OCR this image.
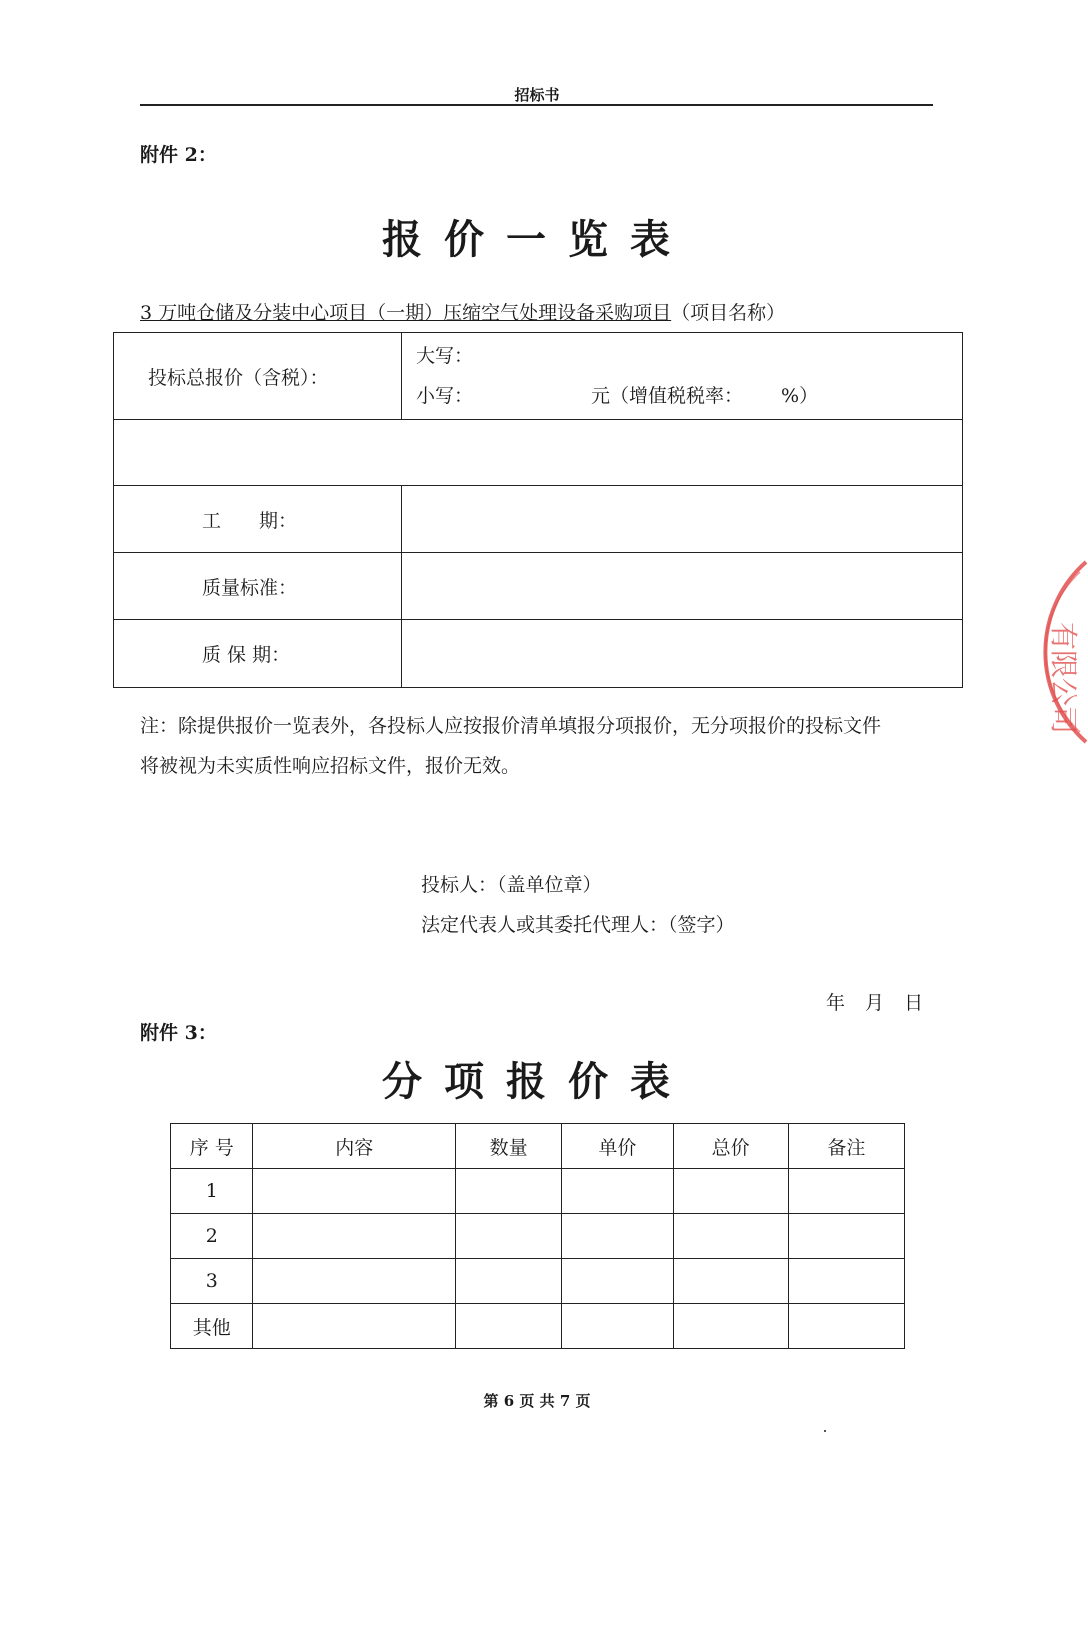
招标书
附件 2：
报价一览表
3 万吨仓储及分装中心项目（一期）压缩空气处理设备采购项目（项目名称）
投标总报价（含税）：	大写：
小写： 元（增值税税率： %）

工　　期：	

质量标准：	

质 保 期：	

注：除提供报价一览表外，各投标人应按报价清单填报分项报价，无分项报价的投标文件
将被视为未实质性响应招标文件，报价无效。
投标人：（盖单位章）
法定代表人或其委托代理人：（签字）
年 月 日
附件 3：
分项报价表
序 号	内容	数量	单价	总价	备注
1					
2					
3					
其他					
第 6 页 共 7 页
有限公司
